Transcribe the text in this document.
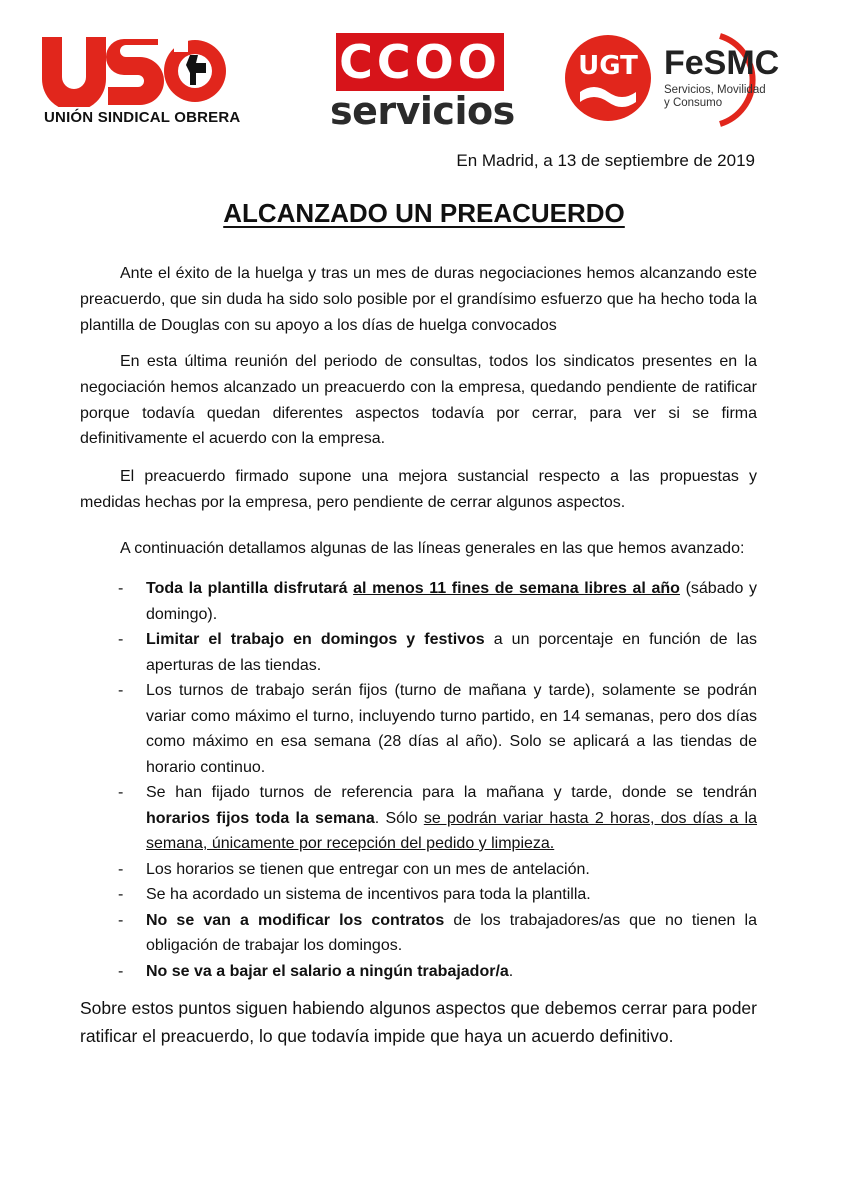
UNIÓN SINDICAL OBRERA
CCOO
servicios
UGT FeSMC
Servicios, Movilidad
y Consumo
En Madrid, a 13 de septiembre de 2019
ALCANZADO UN PREACUERDO
Ante el éxito de la huelga y tras un mes de duras negociaciones hemos alcanzando este preacuerdo, que sin duda ha sido solo posible por el grandísimo esfuerzo que ha hecho toda la plantilla de Douglas con su apoyo a los días de huelga convocados
En esta última reunión del periodo de consultas, todos los sindicatos presentes en la negociación hemos alcanzado un preacuerdo con la empresa, quedando pendiente de ratificar porque todavía quedan diferentes aspectos todavía por cerrar, para ver si se firma definitivamente el acuerdo con la empresa.
El preacuerdo firmado supone una mejora sustancial respecto a las propuestas y medidas hechas por la empresa, pero pendiente de cerrar algunos aspectos.
A continuación detallamos algunas de las líneas generales en las que hemos avanzado:
- Toda la plantilla disfrutará al menos 11 fines de semana libres al año (sábado y domingo).
- Limitar el trabajo en domingos y festivos a un porcentaje en función de las aperturas de las tiendas.
- Los turnos de trabajo serán fijos (turno de mañana y tarde), solamente se podrán variar como máximo el turno, incluyendo turno partido, en 14 semanas, pero dos días como máximo en esa semana (28 días al año). Solo se aplicará a las tiendas de horario continuo.
- Se han fijado turnos de referencia para la mañana y tarde, donde se tendrán horarios fijos toda la semana. Sólo se podrán variar hasta 2 horas, dos días a la semana, únicamente por recepción del pedido y limpieza.
- Los horarios se tienen que entregar con un mes de antelación.
- Se ha acordado un sistema de incentivos para toda la plantilla.
- No se van a modificar los contratos de los trabajadores/as que no tienen la obligación de trabajar los domingos.
- No se va a bajar el salario a ningún trabajador/a.
Sobre estos puntos siguen habiendo algunos aspectos que debemos cerrar para poder ratificar el preacuerdo, lo que todavía impide que haya un acuerdo definitivo.
